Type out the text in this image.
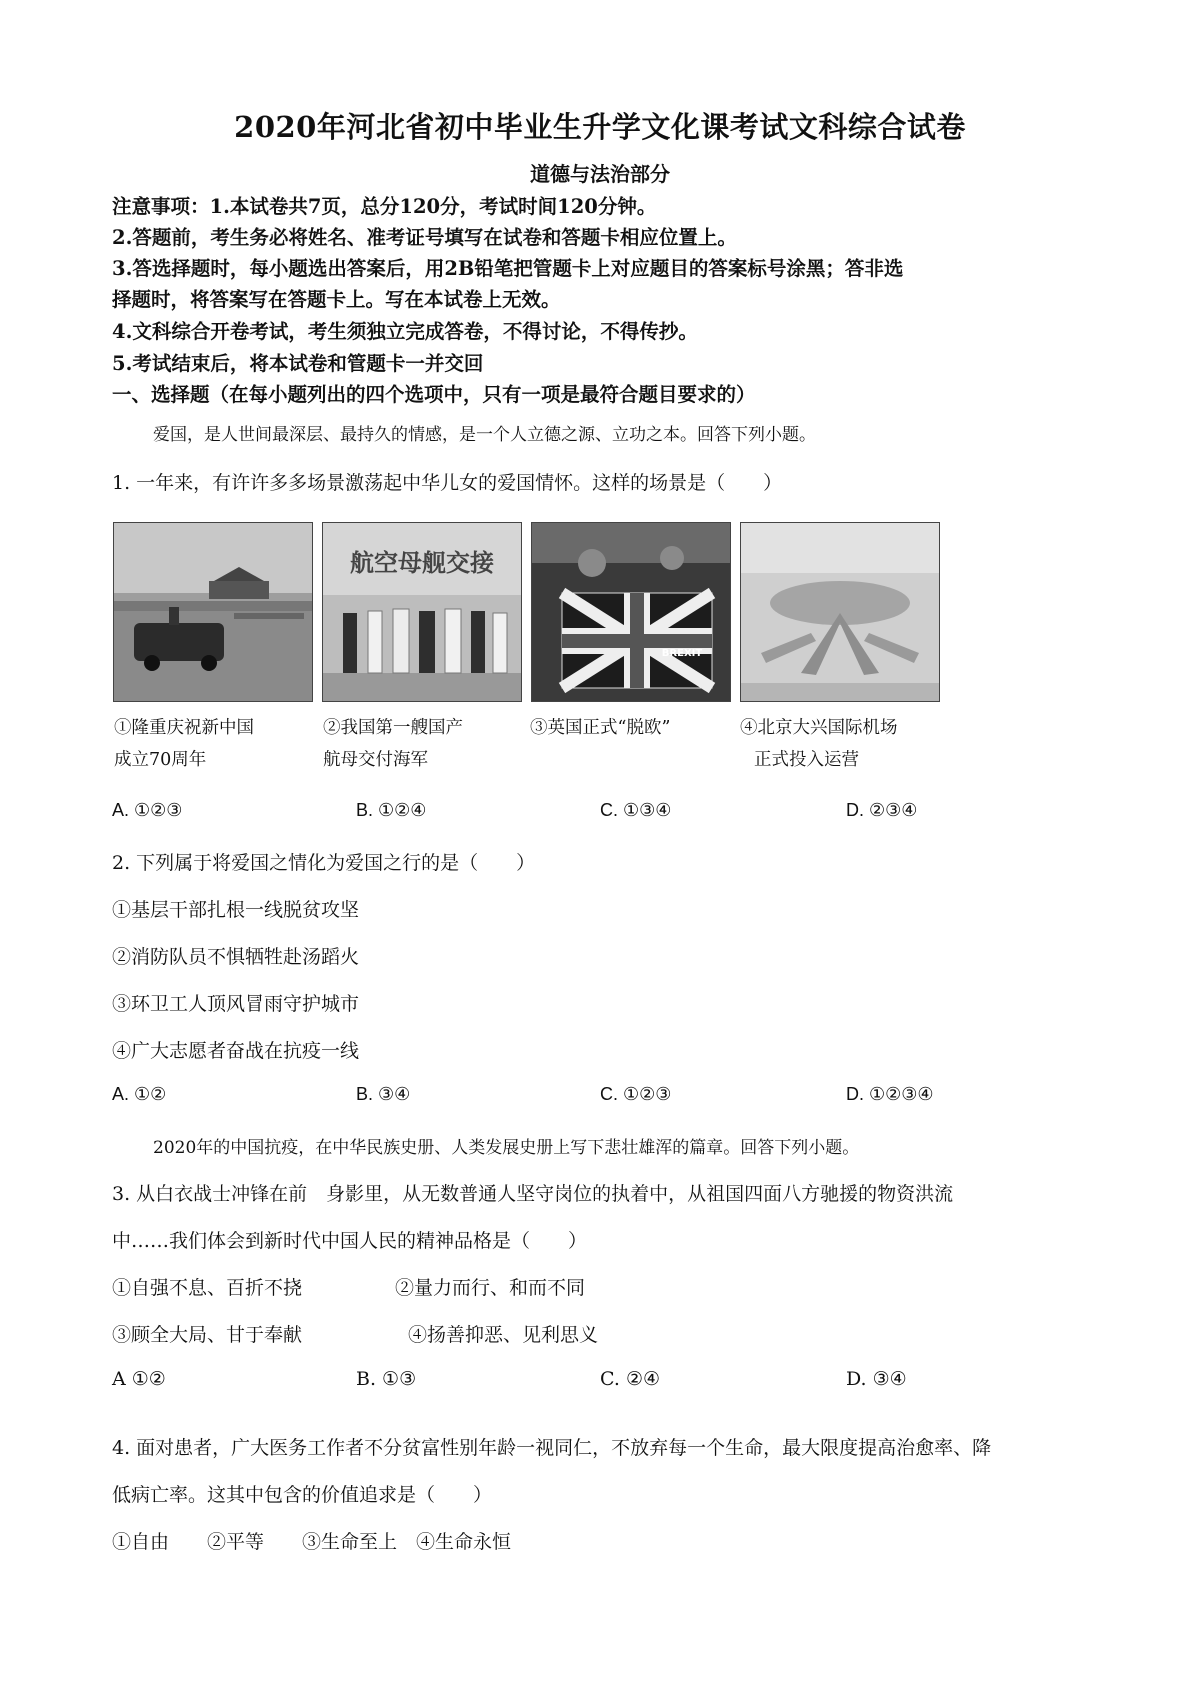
2020年河北省初中毕业生升学文化课考试文科综合试卷
道德与法治部分
注意事项：1.本试卷共7页，总分120分，考试时间120分钟。
2.答题前，考生务必将姓名、准考证号填写在试卷和答题卡相应位置上。
3.答选择题时，每小题选出答案后，用2B铅笔把管题卡上对应题目的答案标号涂黑；答非选
择题时，将答案写在答题卡上。写在本试卷上无效。
4.文科综合开卷考试，考生须独立完成答卷，不得讨论，不得传抄。
5.考试结束后，将本试卷和管题卡一并交回
一、选择题（在每小题列出的四个选项中，只有一项是最符合题目要求的）
爱国，是人世间最深层、最持久的情感，是一个人立德之源、立功之本。回答下列小题。
1. 一年来，有许许多多场景激荡起中华儿女的爱国情怀。这样的场景是（　　）
航空母舰交接
BREXIT
①隆重庆祝新中国
成立70周年
②我国第一艘国产
航母交付海军
③英国正式“脱欧”	④北京大兴国际机场
正式投入运营
A. ①②③	B. ①②④	C. ①③④	D. ②③④
2. 下列属于将爱国之情化为爱国之行的是（　　）
①基层干部扎根一线脱贫攻坚
②消防队员不惧牺牲赴汤蹈火
③环卫工人顶风冒雨守护城市
④广大志愿者奋战在抗疫一线
A. ①②	B. ③④	C. ①②③	D. ①②③④
2020年的中国抗疫，在中华民族史册、人类发展史册上写下悲壮雄浑的篇章。回答下列小题。
3. 从白衣战士冲锋在前　身影里，从无数普通人坚守岗位的执着中，从祖国四面八方驰援的物资洪流
中……我们体会到新时代中国人民的精神品格是（　　）
①自强不息、百折不挠	②量力而行、和而不同
③顾全大局、甘于奉献	④扬善抑恶、见利思义
A ①②	B. ①③	C. ②④	D. ③④
4. 面对患者，广大医务工作者不分贫富性别年龄一视同仁，不放弃每一个生命，最大限度提高治愈率、降
低病亡率。这其中包含的价值追求是（　　）
①自由　　②平等　　③生命至上　④生命永恒
